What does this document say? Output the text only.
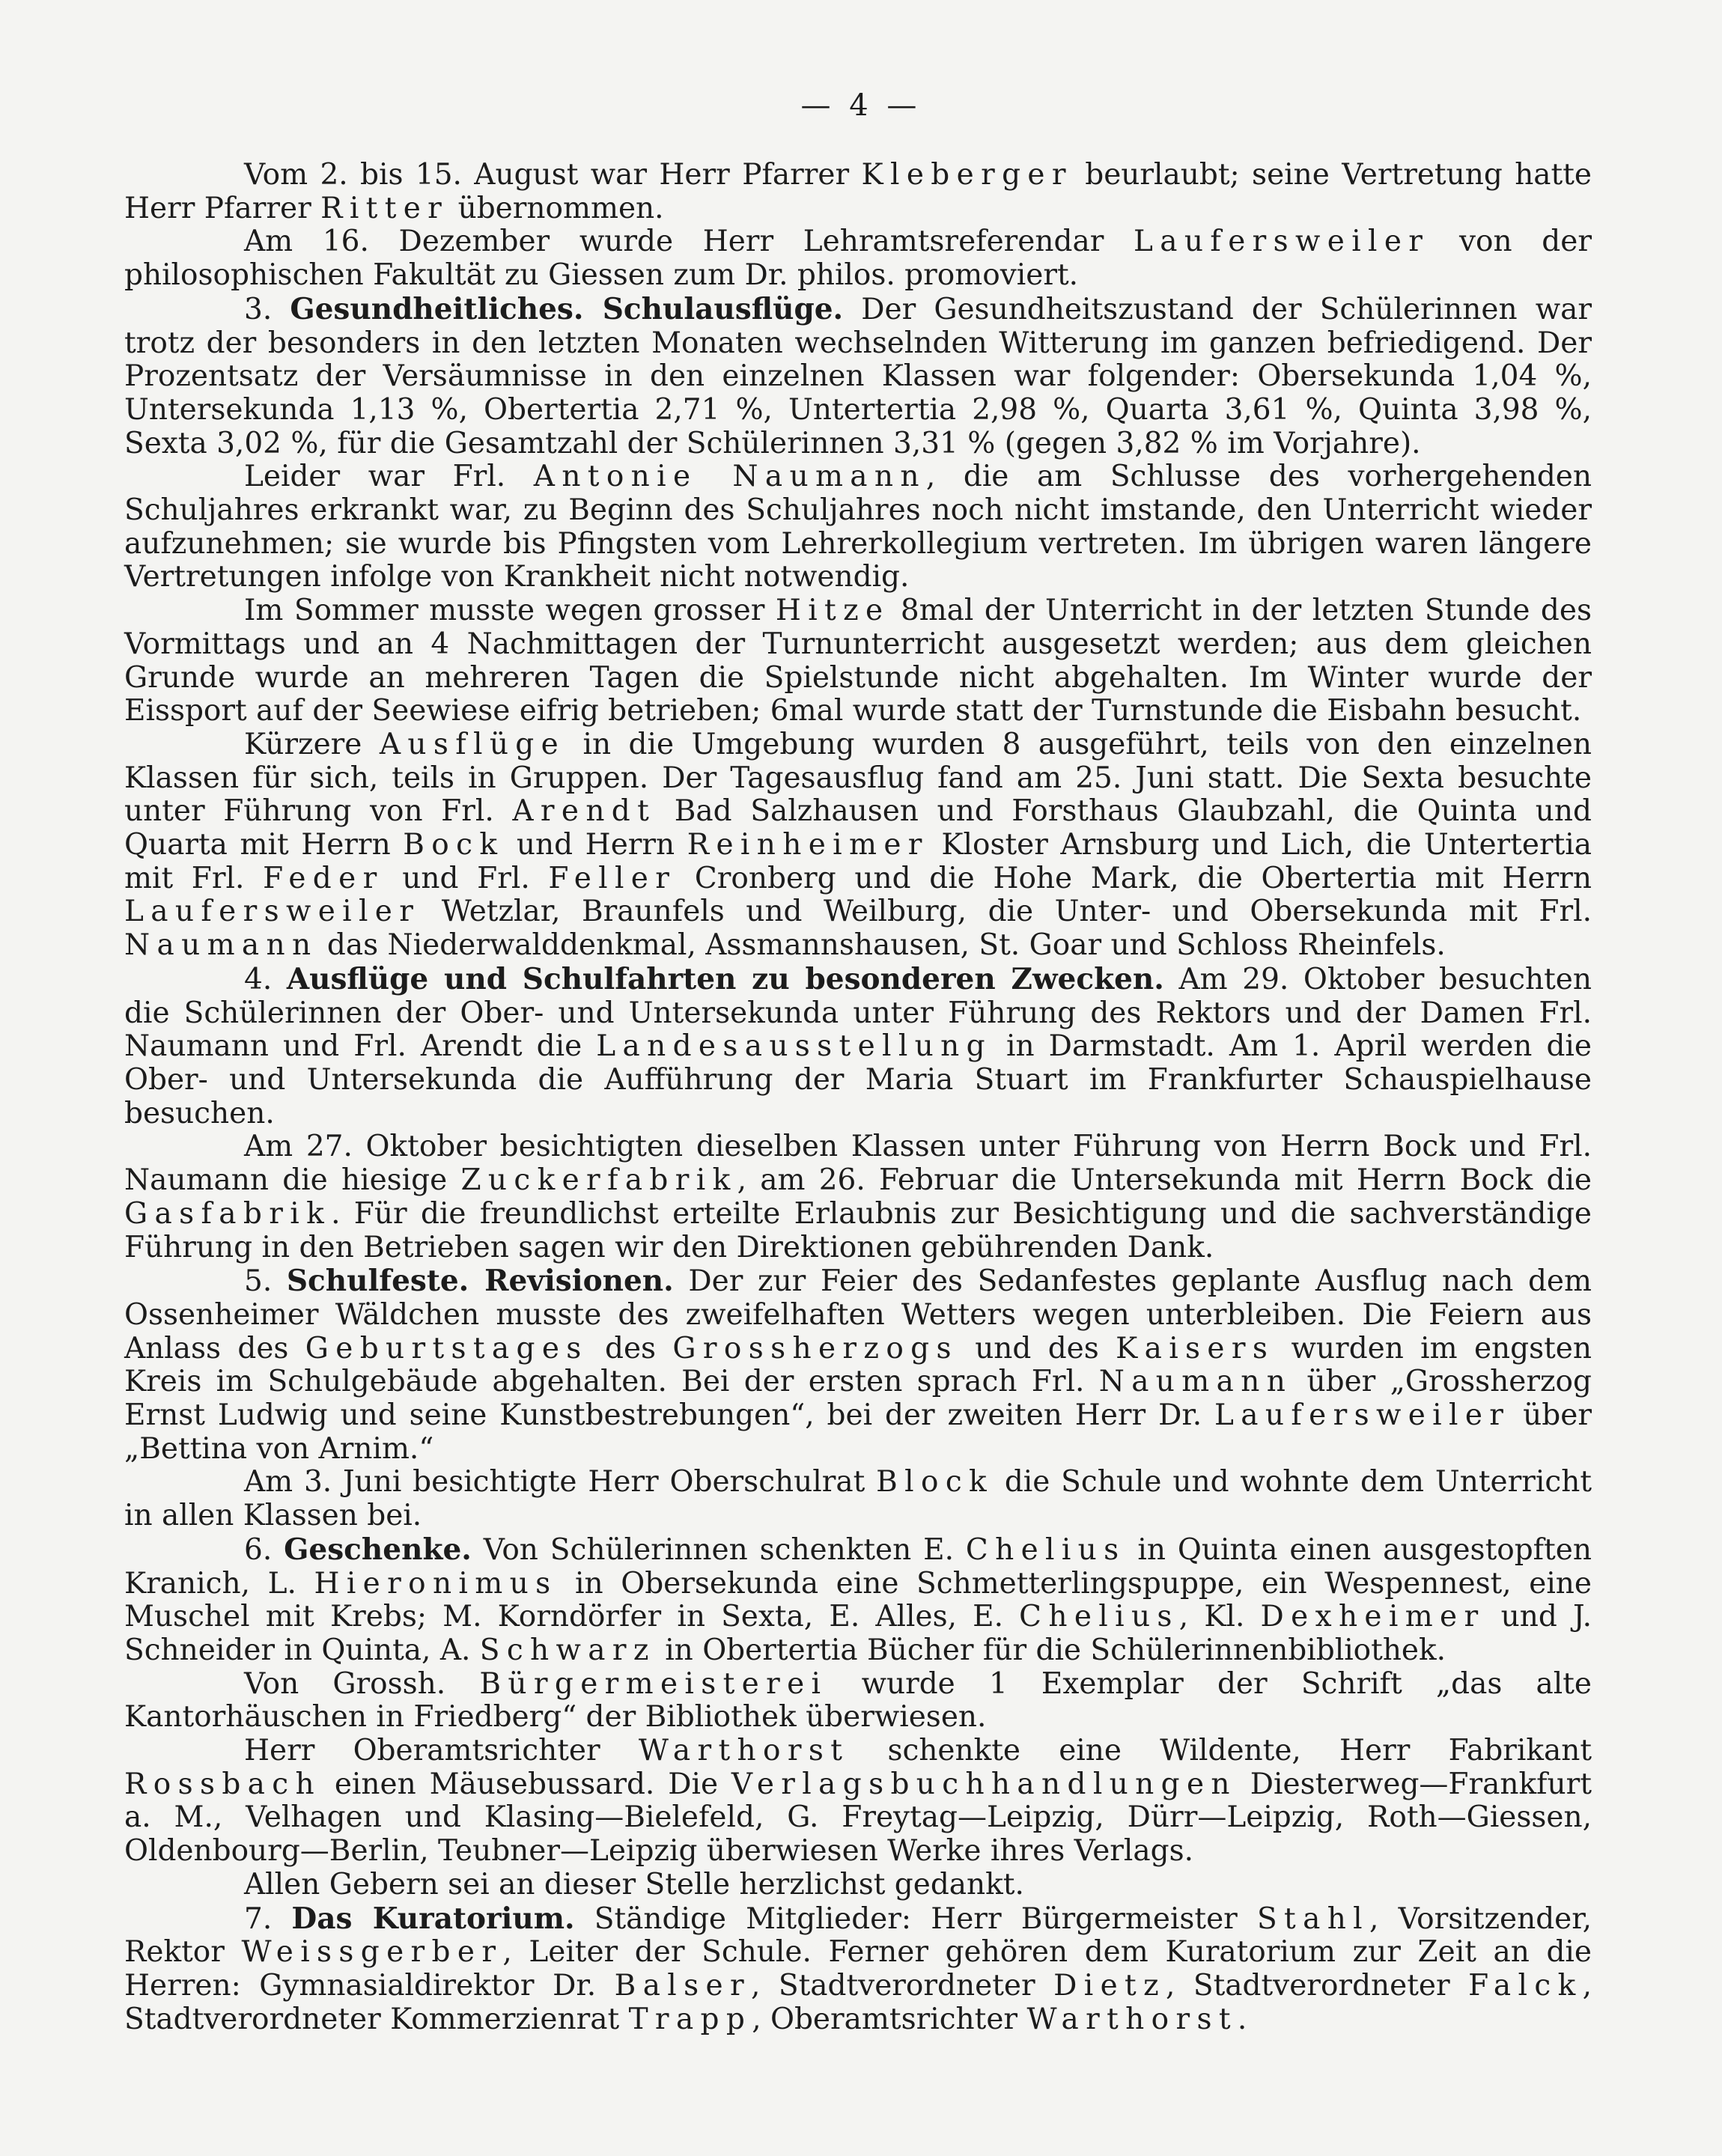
— 4 —

Vom 2. bis 15. August war Herr Pfarrer Kleberger beurlaubt; seine Vertretung hatte Herr Pfarrer Ritter übernommen.

Am 16. Dezember wurde Herr Lehramtsreferendar Laufersweiler von der philosophischen Fakultät zu Giessen zum Dr. philos. promoviert.

3. Gesundheitliches. Schulausflüge. Der Gesundheitszustand der Schülerinnen war trotz der besonders in den letzten Monaten wechselnden Witterung im ganzen befriedigend. Der Prozentsatz der Versäumnisse in den einzelnen Klassen war folgender: Obersekunda 1,04 %, Untersekunda 1,13 %, Obertertia 2,71 %, Untertertia 2,98 %, Quarta 3,61 %, Quinta 3,98 %, Sexta 3,02 %, für die Gesamtzahl der Schülerinnen 3,31 % (gegen 3,82 % im Vorjahre).

Leider war Frl. Antonie Naumann, die am Schlusse des vorhergehenden Schuljahres erkrankt war, zu Beginn des Schuljahres noch nicht imstande, den Unterricht wieder aufzunehmen; sie wurde bis Pfingsten vom Lehrerkollegium vertreten. Im übrigen waren längere Vertretungen infolge von Krankheit nicht notwendig.

Im Sommer musste wegen grosser Hitze 8mal der Unterricht in der letzten Stunde des Vormittags und an 4 Nachmittagen der Turnunterricht ausgesetzt werden; aus dem gleichen Grunde wurde an mehreren Tagen die Spielstunde nicht abgehalten. Im Winter wurde der Eissport auf der Seewiese eifrig betrieben; 6mal wurde statt der Turnstunde die Eisbahn besucht.

Kürzere Ausflüge in die Umgebung wurden 8 ausgeführt, teils von den einzelnen Klassen für sich, teils in Gruppen. Der Tagesausflug fand am 25. Juni statt. Die Sexta besuchte unter Führung von Frl. Arendt Bad Salzhausen und Forsthaus Glaubzahl, die Quinta und Quarta mit Herrn Bock und Herrn Reinheimer Kloster Arnsburg und Lich, die Untertertia mit Frl. Feder und Frl. Feller Cronberg und die Hohe Mark, die Obertertia mit Herrn Laufersweiler Wetzlar, Braunfels und Weilburg, die Unter- und Obersekunda mit Frl. Naumann das Niederwalddenkmal, Assmannshausen, St. Goar und Schloss Rheinfels.

4. Ausflüge und Schulfahrten zu besonderen Zwecken. Am 29. Oktober besuchten die Schülerinnen der Ober- und Untersekunda unter Führung des Rektors und der Damen Frl. Naumann und Frl. Arendt die Landesausstellung in Darmstadt. Am 1. April werden die Ober- und Untersekunda die Aufführung der Maria Stuart im Frankfurter Schauspielhause besuchen.

Am 27. Oktober besichtigten dieselben Klassen unter Führung von Herrn Bock und Frl. Naumann die hiesige Zuckerfabrik, am 26. Februar die Untersekunda mit Herrn Bock die Gasfabrik. Für die freundlichst erteilte Erlaubnis zur Besichtigung und die sachverständige Führung in den Betrieben sagen wir den Direktionen gebührenden Dank.

5. Schulfeste. Revisionen. Der zur Feier des Sedanfestes geplante Ausflug nach dem Ossenheimer Wäldchen musste des zweifelhaften Wetters wegen unterbleiben. Die Feiern aus Anlass des Geburtstages des Grossherzogs und des Kaisers wurden im engsten Kreis im Schulgebäude abgehalten. Bei der ersten sprach Frl. Naumann über „Grossherzog Ernst Ludwig und seine Kunstbestrebungen“, bei der zweiten Herr Dr. Laufersweiler über „Bettina von Arnim.“

Am 3. Juni besichtigte Herr Oberschulrat Block die Schule und wohnte dem Unterricht in allen Klassen bei.

6. Geschenke. Von Schülerinnen schenkten E. Chelius in Quinta einen ausgestopften Kranich, L. Hieronimus in Obersekunda eine Schmetterlingspuppe, ein Wespennest, eine Muschel mit Krebs; M. Korndörfer in Sexta, E. Alles, E. Chelius, Kl. Dexheimer und J. Schneider in Quinta, A. Schwarz in Obertertia Bücher für die Schülerinnenbibliothek.

Von Grossh. Bürgermeisterei wurde 1 Exemplar der Schrift „das alte Kantorhäuschen in Friedberg“ der Bibliothek überwiesen.

Herr Oberamtsrichter Warthorst schenkte eine Wildente, Herr Fabrikant Rossbach einen Mäusebussard. Die Verlagsbuchhandlungen Diesterweg—Frankfurt a. M., Velhagen und Klasing—Bielefeld, G. Freytag—Leipzig, Dürr—Leipzig, Roth—Giessen, Oldenbourg—Berlin, Teubner—Leipzig überwiesen Werke ihres Verlags.

Allen Gebern sei an dieser Stelle herzlichst gedankt.

7. Das Kuratorium. Ständige Mitglieder: Herr Bürgermeister Stahl, Vorsitzender, Rektor Weissgerber, Leiter der Schule. Ferner gehören dem Kuratorium zur Zeit an die Herren: Gymnasialdirektor Dr. Balser, Stadtverordneter Dietz, Stadtverordneter Falck, Stadtverordneter Kommerzienrat Trapp, Oberamtsrichter Warthorst.
